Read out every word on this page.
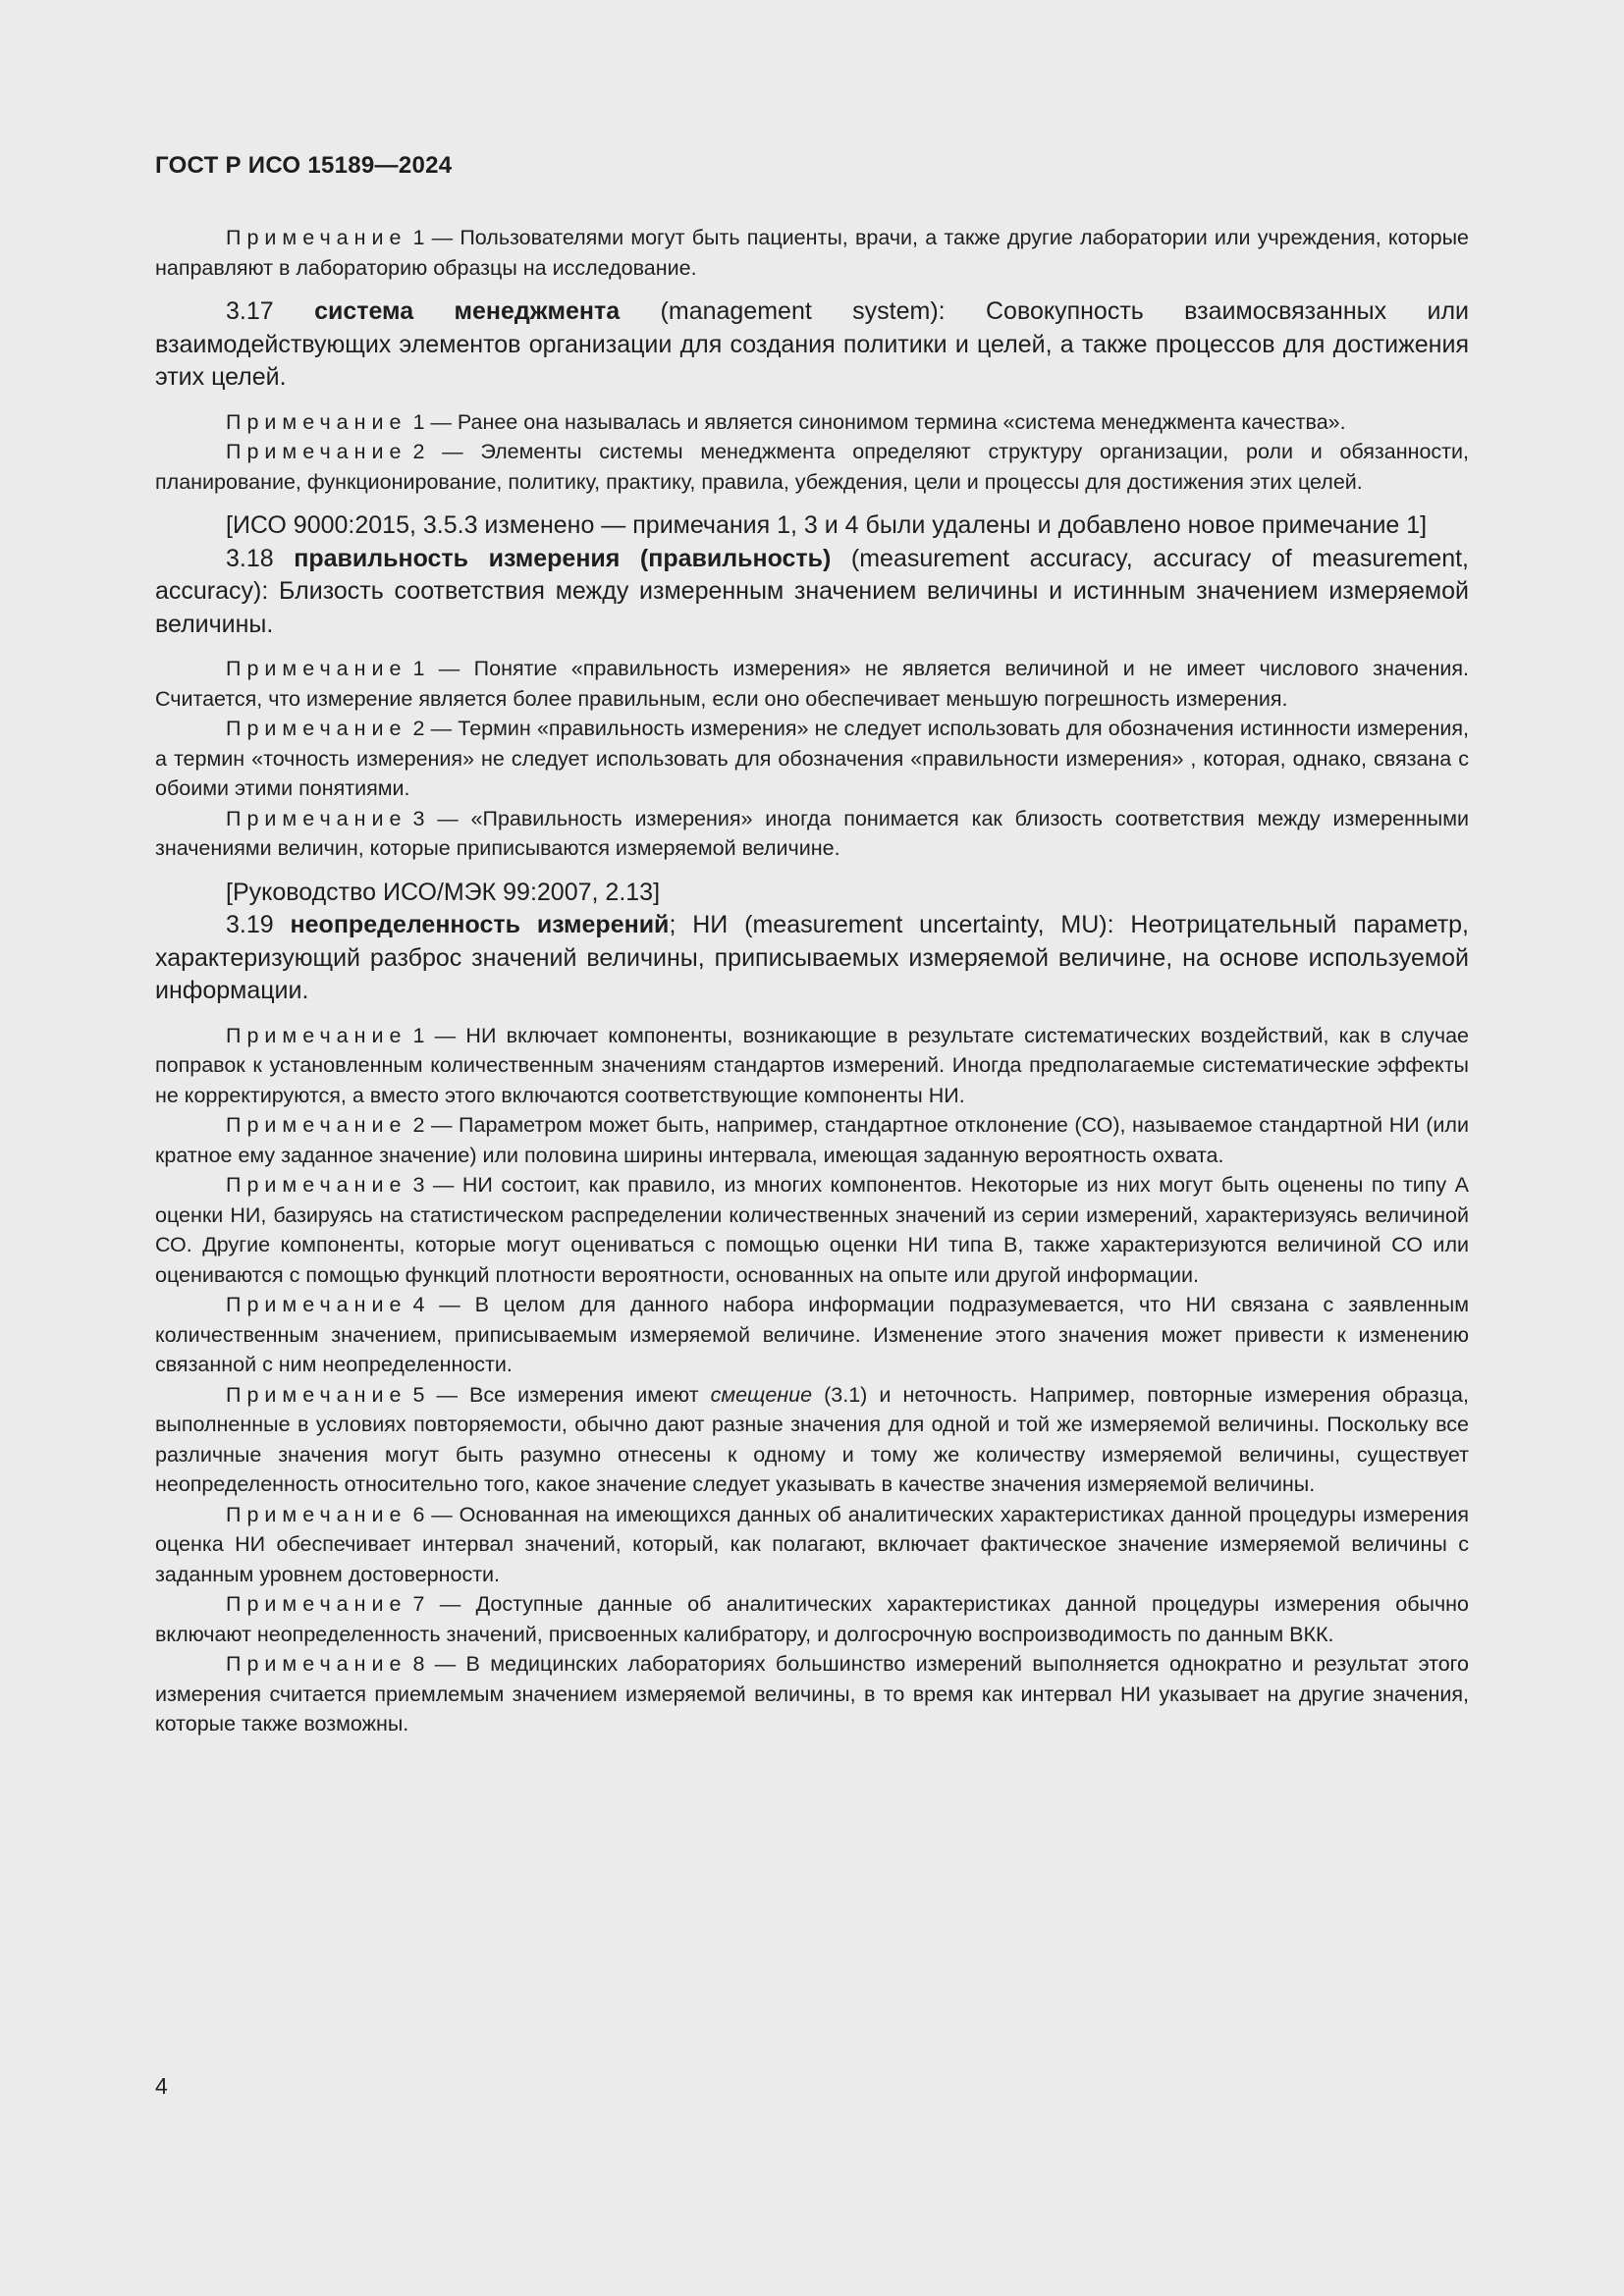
ГОСТ Р ИСО 15189—2024

Примечание 1 — Пользователями могут быть пациенты, врачи, а также другие лаборатории или учреждения, которые направляют в лабораторию образцы на исследование.

3.17 система менеджмента (management system): Совокупность взаимосвязанных или взаимодействующих элементов организации для создания политики и целей, а также процессов для достижения этих целей.

Примечание 1 — Ранее она называлась и является синонимом термина «система менеджмента качества».

Примечание 2 — Элементы системы менеджмента определяют структуру организации, роли и обязанности, планирование, функционирование, политику, практику, правила, убеждения, цели и процессы для достижения этих целей.

[ИСО 9000:2015, 3.5.3 изменено — примечания 1, 3 и 4 были удалены и добавлено новое примечание 1]

3.18 правильность измерения (правильность) (measurement accuracy, accuracy of measurement, accuracy): Близость соответствия между измеренным значением величины и истинным значением измеряемой величины.

Примечание 1 — Понятие «правильность измерения» не является величиной и не имеет числового значения. Считается, что измерение является более правильным, если оно обеспечивает меньшую погрешность измерения.

Примечание 2 — Термин «правильность измерения» не следует использовать для обозначения истинности измерения, а термин «точность измерения» не следует использовать для обозначения «правильности измерения» , которая, однако, связана с обоими этими понятиями.

Примечание 3 — «Правильность измерения» иногда понимается как близость соответствия между измеренными значениями величин, которые приписываются измеряемой величине.

[Руководство ИСО/МЭК 99:2007, 2.13]

3.19 неопределенность измерений; НИ (measurement uncertainty, MU): Неотрицательный параметр, характеризующий разброс значений величины, приписываемых измеряемой величине, на основе используемой информации.

Примечание 1 — НИ включает компоненты, возникающие в результате систематических воздействий, как в случае поправок к установленным количественным значениям стандартов измерений. Иногда предполагаемые систематические эффекты не корректируются, а вместо этого включаются соответствующие компоненты НИ.

Примечание 2 — Параметром может быть, например, стандартное отклонение (СО), называемое стандартной НИ (или кратное ему заданное значение) или половина ширины интервала, имеющая заданную вероятность охвата.

Примечание 3 — НИ состоит, как правило, из многих компонентов. Некоторые из них могут быть оценены по типу А оценки НИ, базируясь на статистическом распределении количественных значений из серии измерений, характеризуясь величиной СО. Другие компоненты, которые могут оцениваться с помощью оценки НИ типа В, также характеризуются величиной СО или оцениваются с помощью функций плотности вероятности, основанных на опыте или другой информации.

Примечание 4 — В целом для данного набора информации подразумевается, что НИ связана с заявленным количественным значением, приписываемым измеряемой величине. Изменение этого значения может привести к изменению связанной с ним неопределенности.

Примечание 5 — Все измерения имеют смещение (3.1) и неточность. Например, повторные измерения образца, выполненные в условиях повторяемости, обычно дают разные значения для одной и той же измеряемой величины. Поскольку все различные значения могут быть разумно отнесены к одному и тому же количеству измеряемой величины, существует неопределенность относительно того, какое значение следует указывать в качестве значения измеряемой величины.

Примечание 6 — Основанная на имеющихся данных об аналитических характеристиках данной процедуры измерения оценка НИ обеспечивает интервал значений, который, как полагают, включает фактическое значение измеряемой величины с заданным уровнем достоверности.

Примечание 7 — Доступные данные об аналитических характеристиках данной процедуры измерения обычно включают неопределенность значений, присвоенных калибратору, и долгосрочную воспроизводимость по данным ВКК.

Примечание 8 — В медицинских лабораториях большинство измерений выполняется однократно и результат этого измерения считается приемлемым значением измеряемой величины, в то время как интервал НИ указывает на другие значения, которые также возможны.

4
